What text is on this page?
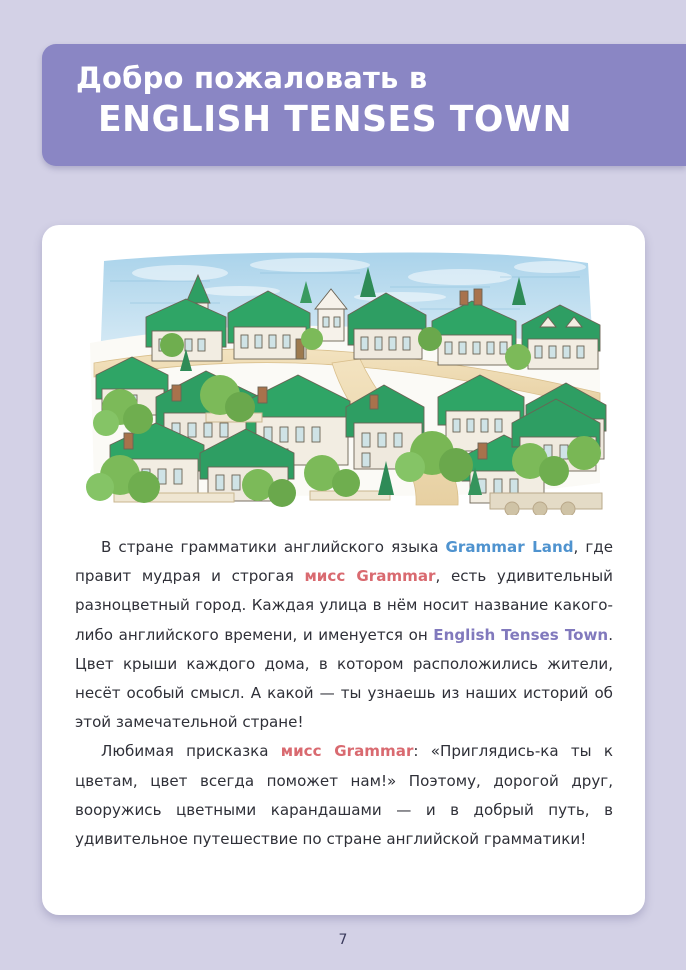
Добро пожаловать в
ENGLISH TENSES TOWN

В стране грамматики английского языка Grammar Land, где правит мудрая и строгая мисс Grammar, есть удивительный разноцветный город. Каждая улица в нём носит название какого-либо английского времени, и именуется он English Tenses Town. Цвет крыши каждого дома, в котором расположились жители, несёт особый смысл. А какой — ты узнаешь из наших историй об этой замечательной стране!

Любимая присказка мисс Grammar: «Приглядись-ка ты к цветам, цвет всегда поможет нам!» Поэтому, дорогой друг, вооружись цветными карандашами — и в добрый путь, в удивительное путешествие по стране английской грамматики!

7
